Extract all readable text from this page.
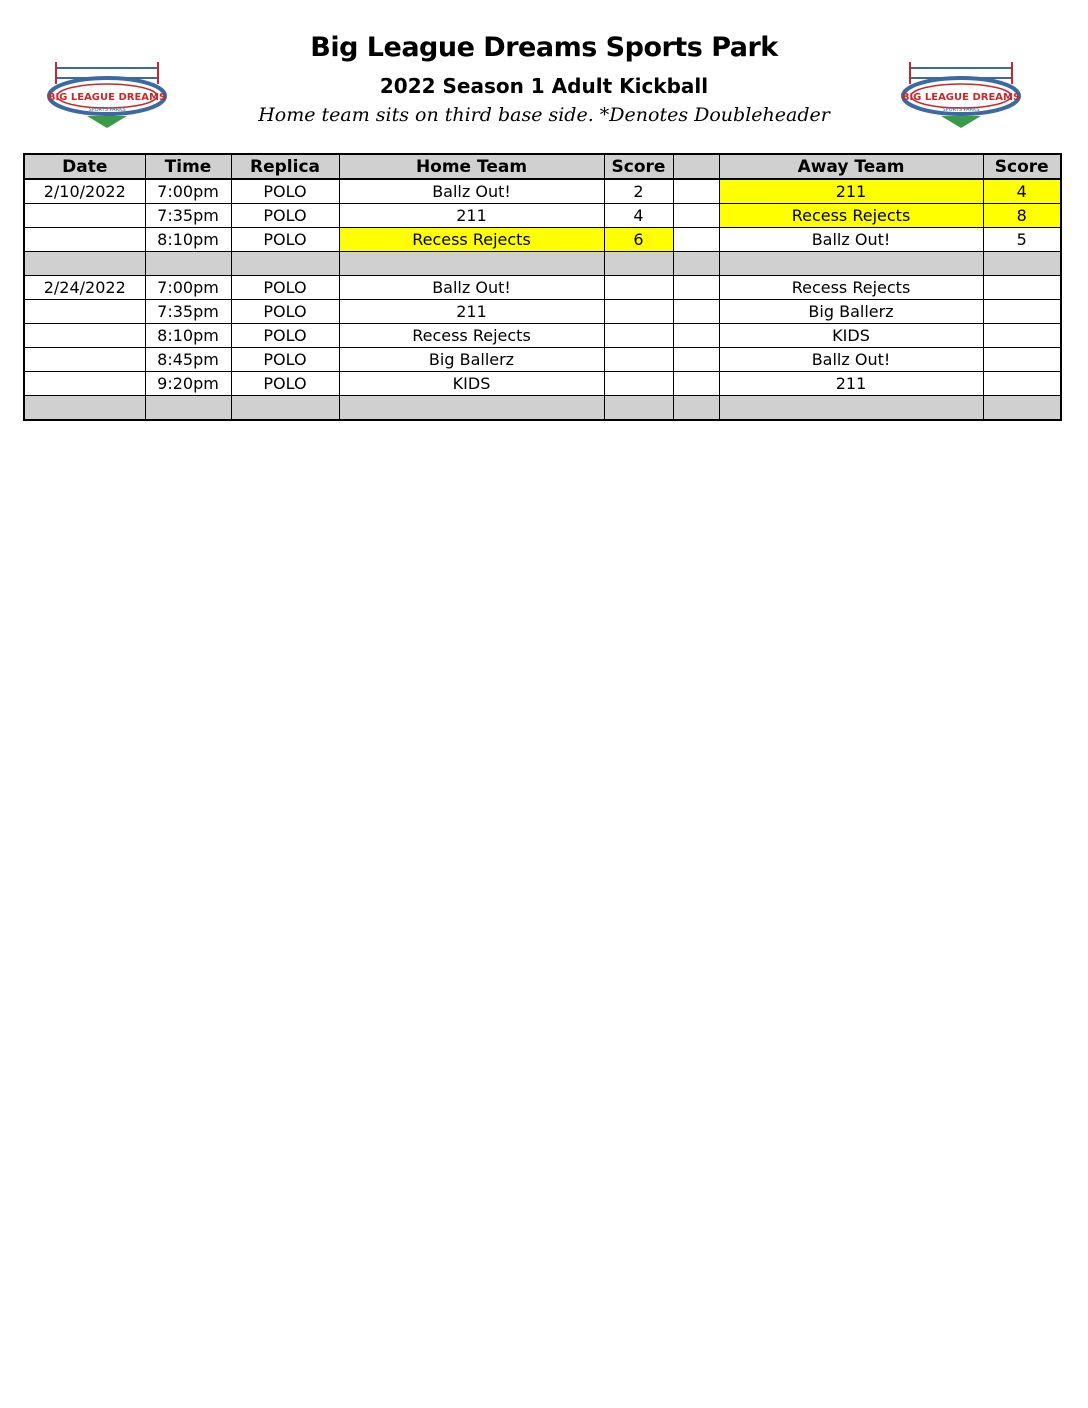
BIG LEAGUE DREAMS
SPORTS PARKS
Big League Dreams Sports Park
2022 Season 1 Adult Kickball
Home team sits on third base side. *Denotes Doubleheader
BIG LEAGUE DREAMS
SPORTS PARKS
Date	Time	Replica	Home Team	Score		Away Team	Score
2/10/2022	7:00pm	POLO	Ballz Out!	2		211	4
	7:35pm	POLO	211	4		Recess Rejects	8
	8:10pm	POLO	Recess Rejects	6		Ballz Out!	5

2/24/2022	7:00pm	POLO	Ballz Out!			Recess Rejects	
	7:35pm	POLO	211			Big Ballerz	
	8:10pm	POLO	Recess Rejects			KIDS	
	8:45pm	POLO	Big Ballerz			Ballz Out!	
	9:20pm	POLO	KIDS			211	
